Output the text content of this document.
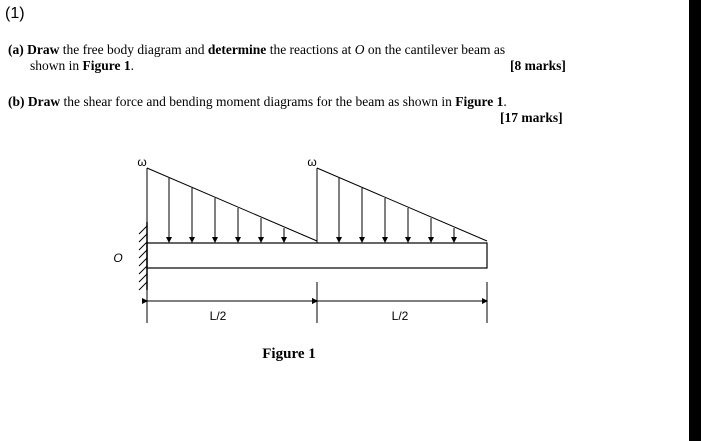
(1)
(a) Draw the free body diagram and determine the reactions at O on the cantilever beam as
shown in Figure 1.	[8 marks]
(b) Draw the shear force and bending moment diagrams for the beam as shown in Figure 1.
[17 marks]
ω	ω
O
L/2	L/2
Figure 1
